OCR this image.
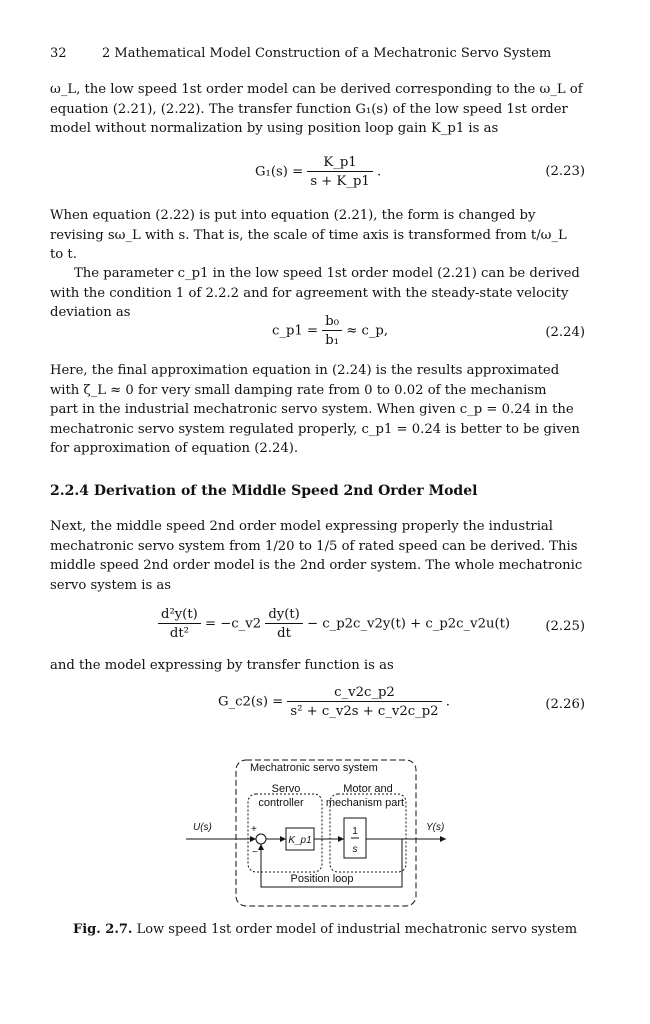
32	2 Mathematical Model Construction of a Mechatronic Servo System
ω_L, the low speed 1st order model can be derived corresponding to the ω_L of
equation (2.21), (2.22). The transfer function G₁(s) of the low speed 1st order
model without normalization by using position loop gain K_p1 is as
$G_1(s) = \frac{K\_p1}{s + K\_p1}$ .	(2.23)
When equation (2.22) is put into equation (2.21), the form is changed by
revising sω_L with s. That is, the scale of time axis is transformed from t/ω_L
to t.
The parameter c_p1 in the low speed 1st order model (2.21) can be derived
with the condition 1 of 2.2.2 and for agreement with the steady-state velocity
deviation as
c_p1 = $\frac{\text{b₀}}{\text{b₁}}$ ≈ c_p,	(2.24)
Here, the final approximation equation in (2.24) is the results approximated
with ζ_L ≈ 0 for very small damping rate from 0 to 0.02 of the mechanism
part in the industrial mechatronic servo system. When given c_p = 0.24 in the
mechatronic servo system regulated properly, c_p1 = 0.24 is better to be given
for approximation of equation (2.24).
2.2.4 Derivation of the Middle Speed 2nd Order Model
Next, the middle speed 2nd order model expressing properly the industrial
mechatronic servo system from 1/20 to 1/5 of rated speed can be derived. This
middle speed 2nd order model is the 2nd order system. The whole mechatronic
servo system is as
$\frac{\text{d²y(t)}}{\text{dt²}}$ = −c_v2 $\frac{dy(t)}{dt}$ − c_p2c_v2y(t) + c_p2c_v2u(t)	(2.25)
and the model expressing by transfer function is as
G_c2(s) = $\frac{c\_v2c\_p2}{\text{s² + c\_v2s + c\_v2c\_p2}}$ .	(2.26)
Mechatronic servo system
Servo
controller
Motor and
mechanism part
U(s)	Y(s)
+
−
K_p1
1
s
Position loop
Fig. 2.7. Low speed 1st order model of industrial mechatronic servo system
